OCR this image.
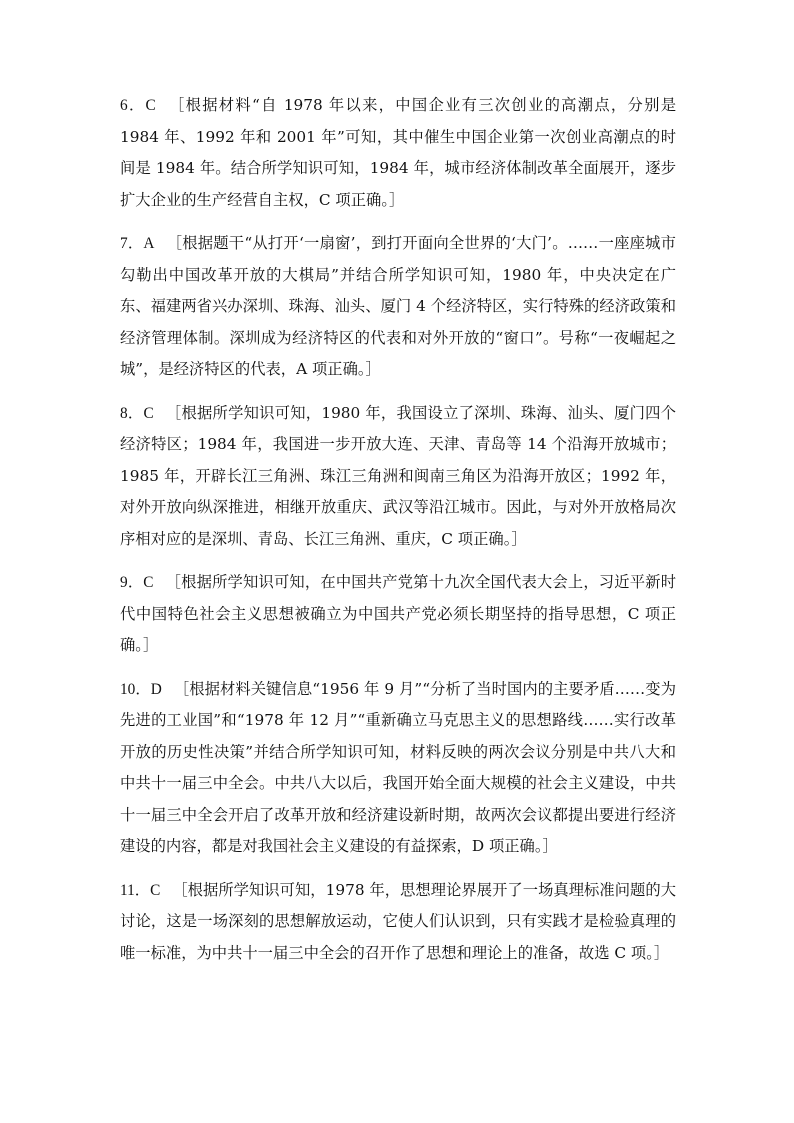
6．C ［根据材料“自 1978 年以来，中国企业有三次创业的高潮点，分别是 1984 年、1992 年和 2001 年”可知，其中催生中国企业第一次创业高潮点的时间是 1984 年。结合所学知识可知，1984 年，城市经济体制改革全面展开，逐步扩大企业的生产经营自主权，C 项正确。］

7．A ［根据题干“从打开‘一扇窗’，到打开面向全世界的‘大门’。……一座座城市勾勒出中国改革开放的大棋局”并结合所学知识可知，1980 年，中央决定在广东、福建两省兴办深圳、珠海、汕头、厦门 4 个经济特区，实行特殊的经济政策和经济管理体制。深圳成为经济特区的代表和对外开放的“窗口”。号称“一夜崛起之城”，是经济特区的代表，A 项正确。］

8．C ［根据所学知识可知，1980 年，我国设立了深圳、珠海、汕头、厦门四个经济特区；1984 年，我国进一步开放大连、天津、青岛等 14 个沿海开放城市；1985 年，开辟长江三角洲、珠江三角洲和闽南三角区为沿海开放区；1992 年，对外开放向纵深推进，相继开放重庆、武汉等沿江城市。因此，与对外开放格局次序相对应的是深圳、青岛、长江三角洲、重庆，C 项正确。］

9．C ［根据所学知识可知，在中国共产党第十九次全国代表大会上，习近平新时代中国特色社会主义思想被确立为中国共产党必须长期坚持的指导思想，C 项正确。］

10．D ［根据材料关键信息“1956 年 9 月”“分析了当时国内的主要矛盾……变为先进的工业国”和“1978 年 12 月”“重新确立马克思主义的思想路线……实行改革开放的历史性决策”并结合所学知识可知，材料反映的两次会议分别是中共八大和中共十一届三中全会。中共八大以后，我国开始全面大规模的社会主义建设，中共十一届三中全会开启了改革开放和经济建设新时期，故两次会议都提出要进行经济建设的内容，都是对我国社会主义建设的有益探索，D 项正确。］

11．C ［根据所学知识可知，1978 年，思想理论界展开了一场真理标准问题的大讨论，这是一场深刻的思想解放运动，它使人们认识到，只有实践才是检验真理的唯一标准，为中共十一届三中全会的召开作了思想和理论上的准备，故选 C 项。］
